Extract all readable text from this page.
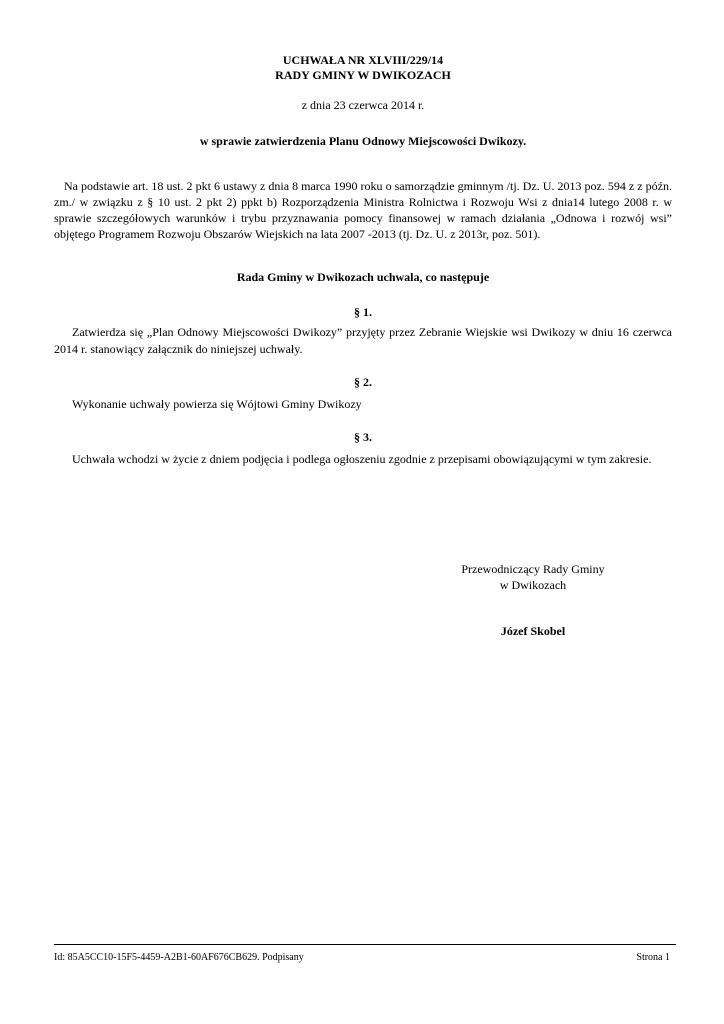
UCHWAŁA NR XLVIII/229/14
RADY GMINY W DWIKOZACH
z dnia 23 czerwca 2014 r.
w sprawie zatwierdzenia Planu Odnowy Miejscowości Dwikozy.
Na podstawie art. 18 ust. 2 pkt 6 ustawy z dnia 8 marca 1990 roku o samorządzie gminnym /tj. Dz. U. 2013 poz. 594 z z późn. zm./ w związku z § 10 ust. 2 pkt 2) ppkt b) Rozporządzenia Ministra Rolnictwa i Rozwoju Wsi z dnia14 lutego 2008 r. w sprawie szczegółowych warunków i trybu przyznawania pomocy finansowej w ramach działania „Odnowa i rozwój wsi” objętego Programem Rozwoju Obszarów Wiejskich na lata 2007 -2013 (tj. Dz. U. z 2013r, poz. 501).
Rada Gminy w Dwikozach uchwala, co następuje
§ 1.
Zatwierdza się „Plan Odnowy Miejscowości Dwikozy” przyjęty przez Zebranie Wiejskie wsi Dwikozy w dniu 16 czerwca 2014 r. stanowiący załącznik do niniejszej uchwały.
§ 2.
Wykonanie uchwały powierza się Wójtowi Gminy Dwikozy
§ 3.
Uchwała wchodzi w życie z dniem podjęcia i podlega ogłoszeniu zgodnie z przepisami obowiązującymi w tym zakresie.
Przewodniczący Rady Gminy
w Dwikozach
Józef Skobel
Id: 85A5CC10-15F5-4459-A2B1-60AF676CB629. Podpisany	Strona 1
